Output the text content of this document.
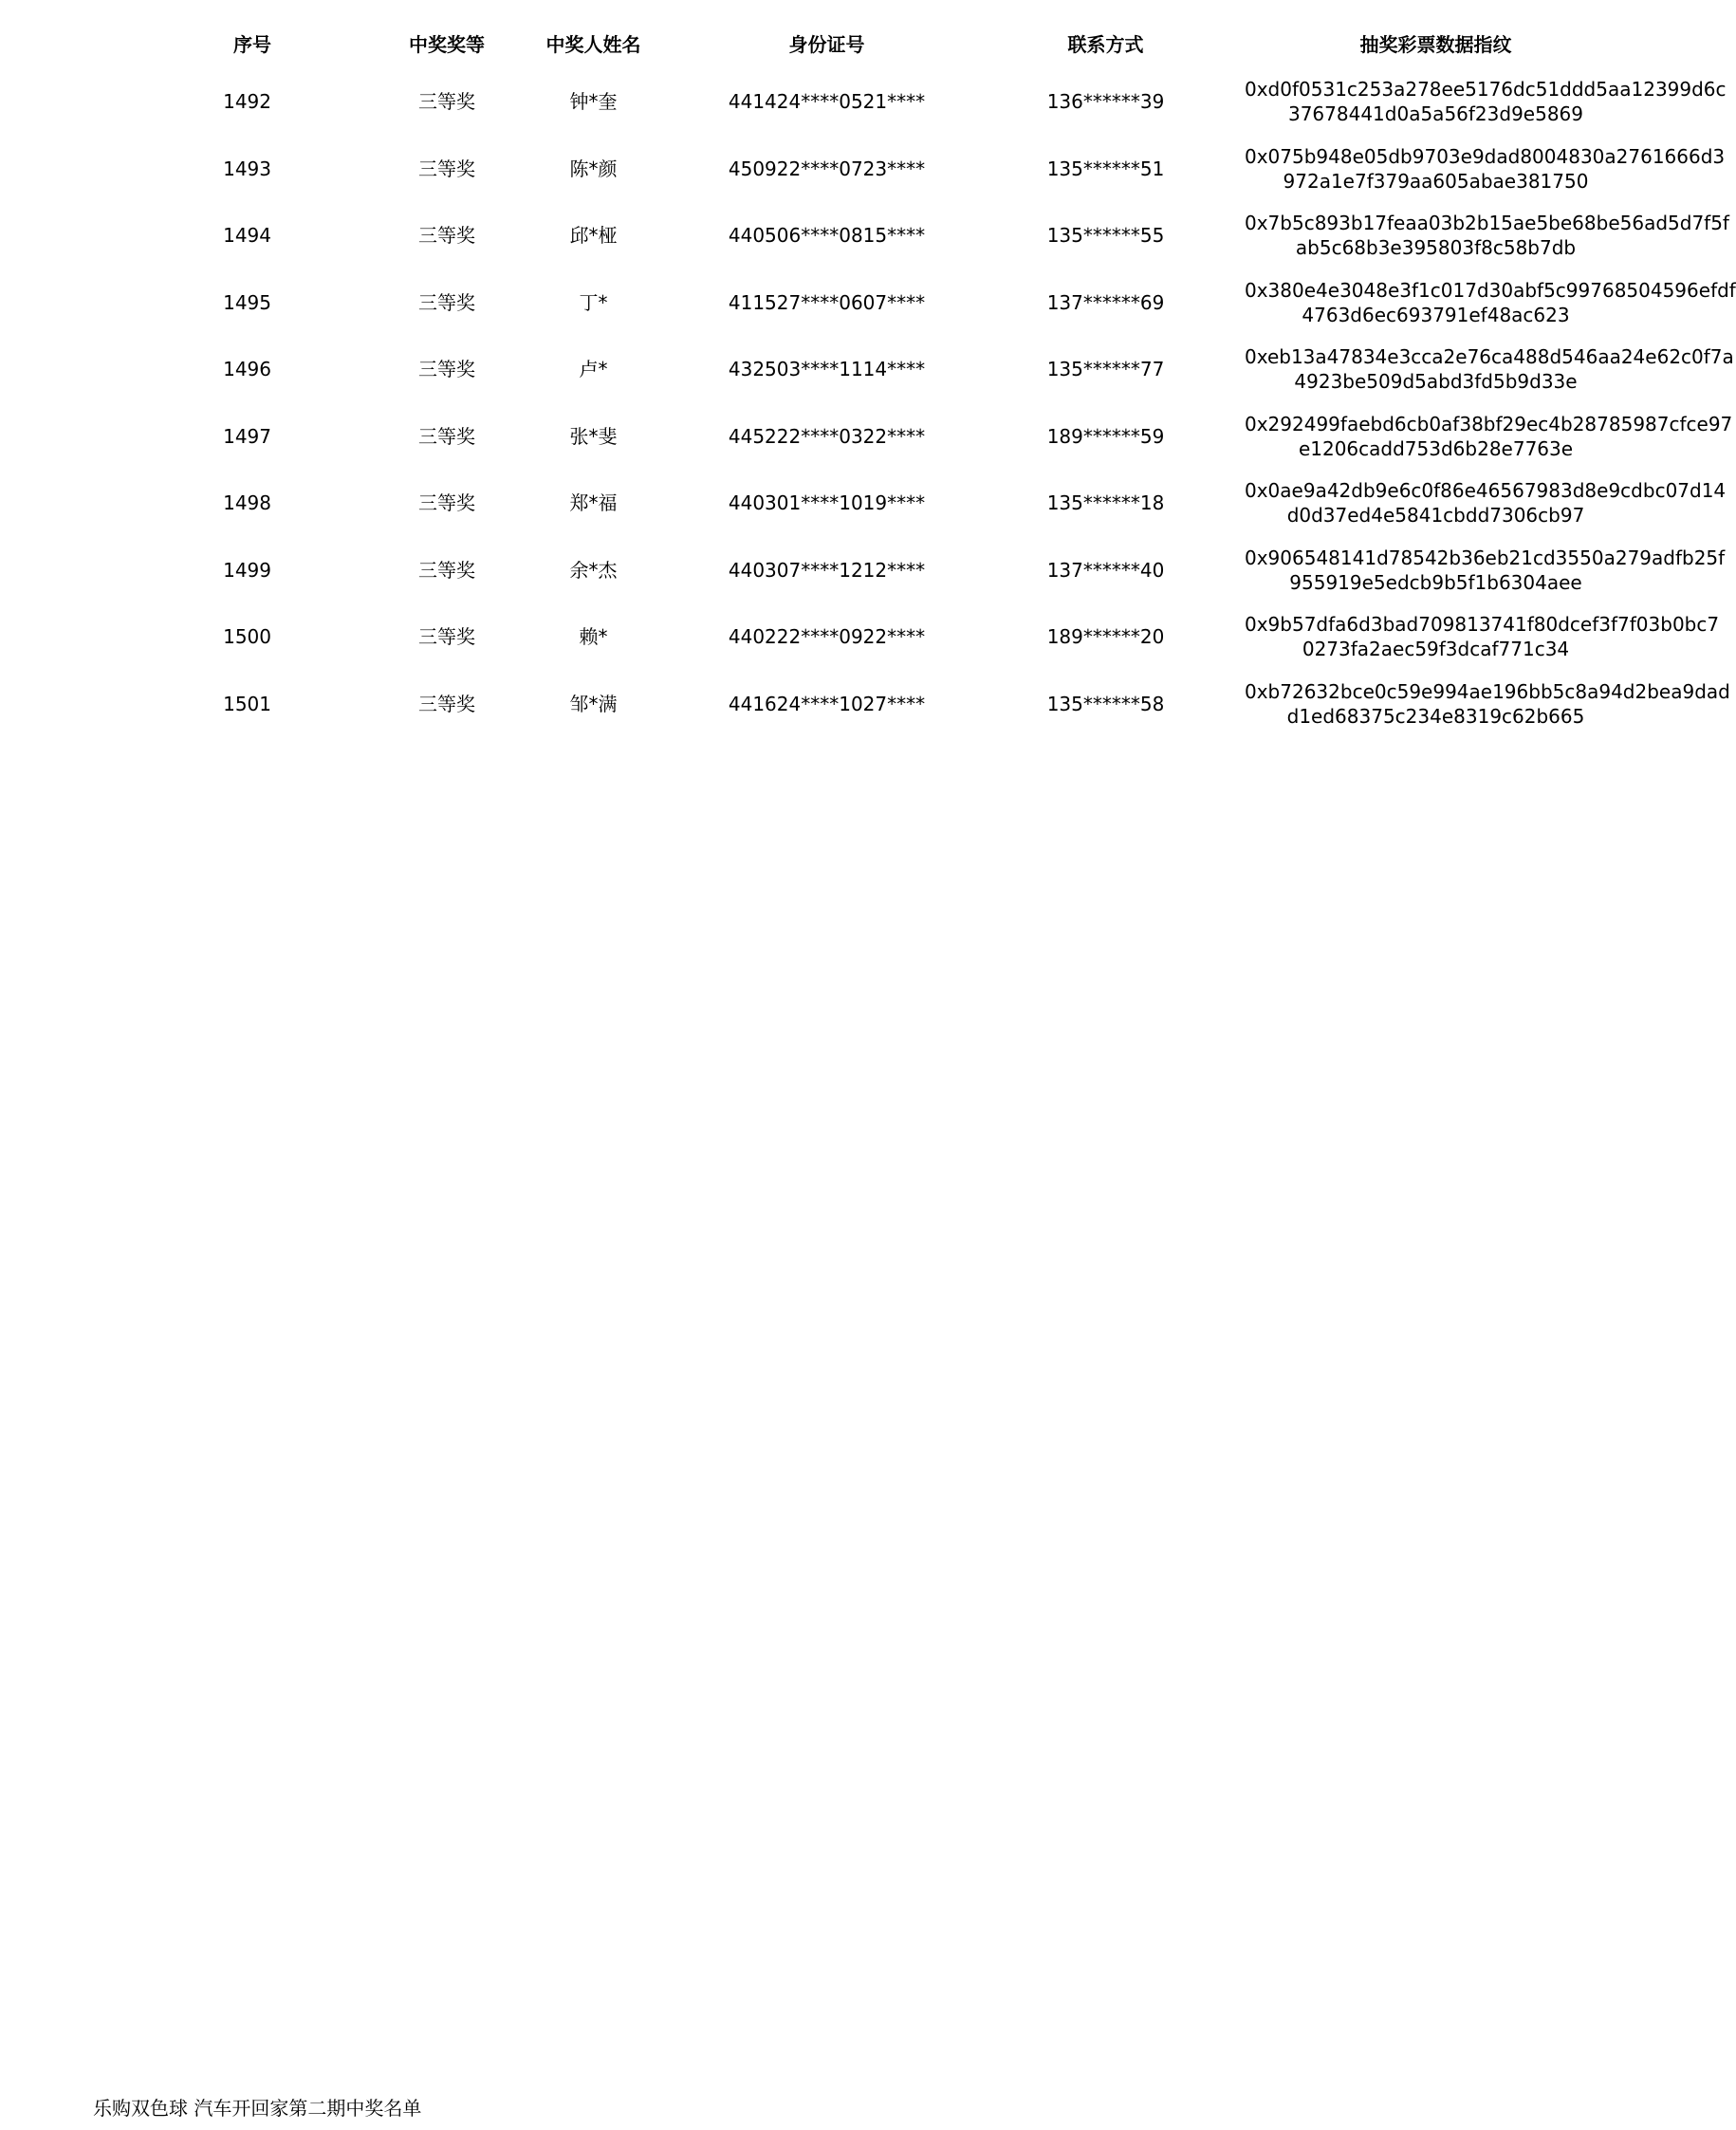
序号	中奖奖等	中奖人姓名	身份证号	联系方式	抽奖彩票数据指纹
1492	三等奖	钟*奎	441424****0521****	136******39	0xd0f0531c253a278ee5176dc51ddd5aa12399d6c
37678441d0a5a56f23d9e5869

1493	三等奖	陈*颜	450922****0723****	135******51	0x075b948e05db9703e9dad8004830a2761666d3
972a1e7f379aa605abae381750

1494	三等奖	邱*桠	440506****0815****	135******55	0x7b5c893b17feaa03b2b15ae5be68be56ad5d7f5f
ab5c68b3e395803f8c58b7db

1495	三等奖	丁*	411527****0607****	137******69	0x380e4e3048e3f1c017d30abf5c99768504596efdf
4763d6ec693791ef48ac623

1496	三等奖	卢*	432503****1114****	135******77	0xeb13a47834e3cca2e76ca488d546aa24e62c0f7a
4923be509d5abd3fd5b9d33e

1497	三等奖	张*斐	445222****0322****	189******59	0x292499faebd6cb0af38bf29ec4b28785987cfce97
e1206cadd753d6b28e7763e

1498	三等奖	郑*福	440301****1019****	135******18	0x0ae9a42db9e6c0f86e46567983d8e9cdbc07d14
d0d37ed4e5841cbdd7306cb97

1499	三等奖	余*杰	440307****1212****	137******40	0x906548141d78542b36eb21cd3550a279adfb25f
955919e5edcb9b5f1b6304aee

1500	三等奖	赖*	440222****0922****	189******20	0x9b57dfa6d3bad709813741f80dcef3f7f03b0bc7
0273fa2aec59f3dcaf771c34

1501	三等奖	邹*满	441624****1027****	135******58	0xb72632bce0c59e994ae196bb5c8a94d2bea9dad
d1ed68375c234e8319c62b665
乐购双色球 汽车开回家第二期中奖名单
